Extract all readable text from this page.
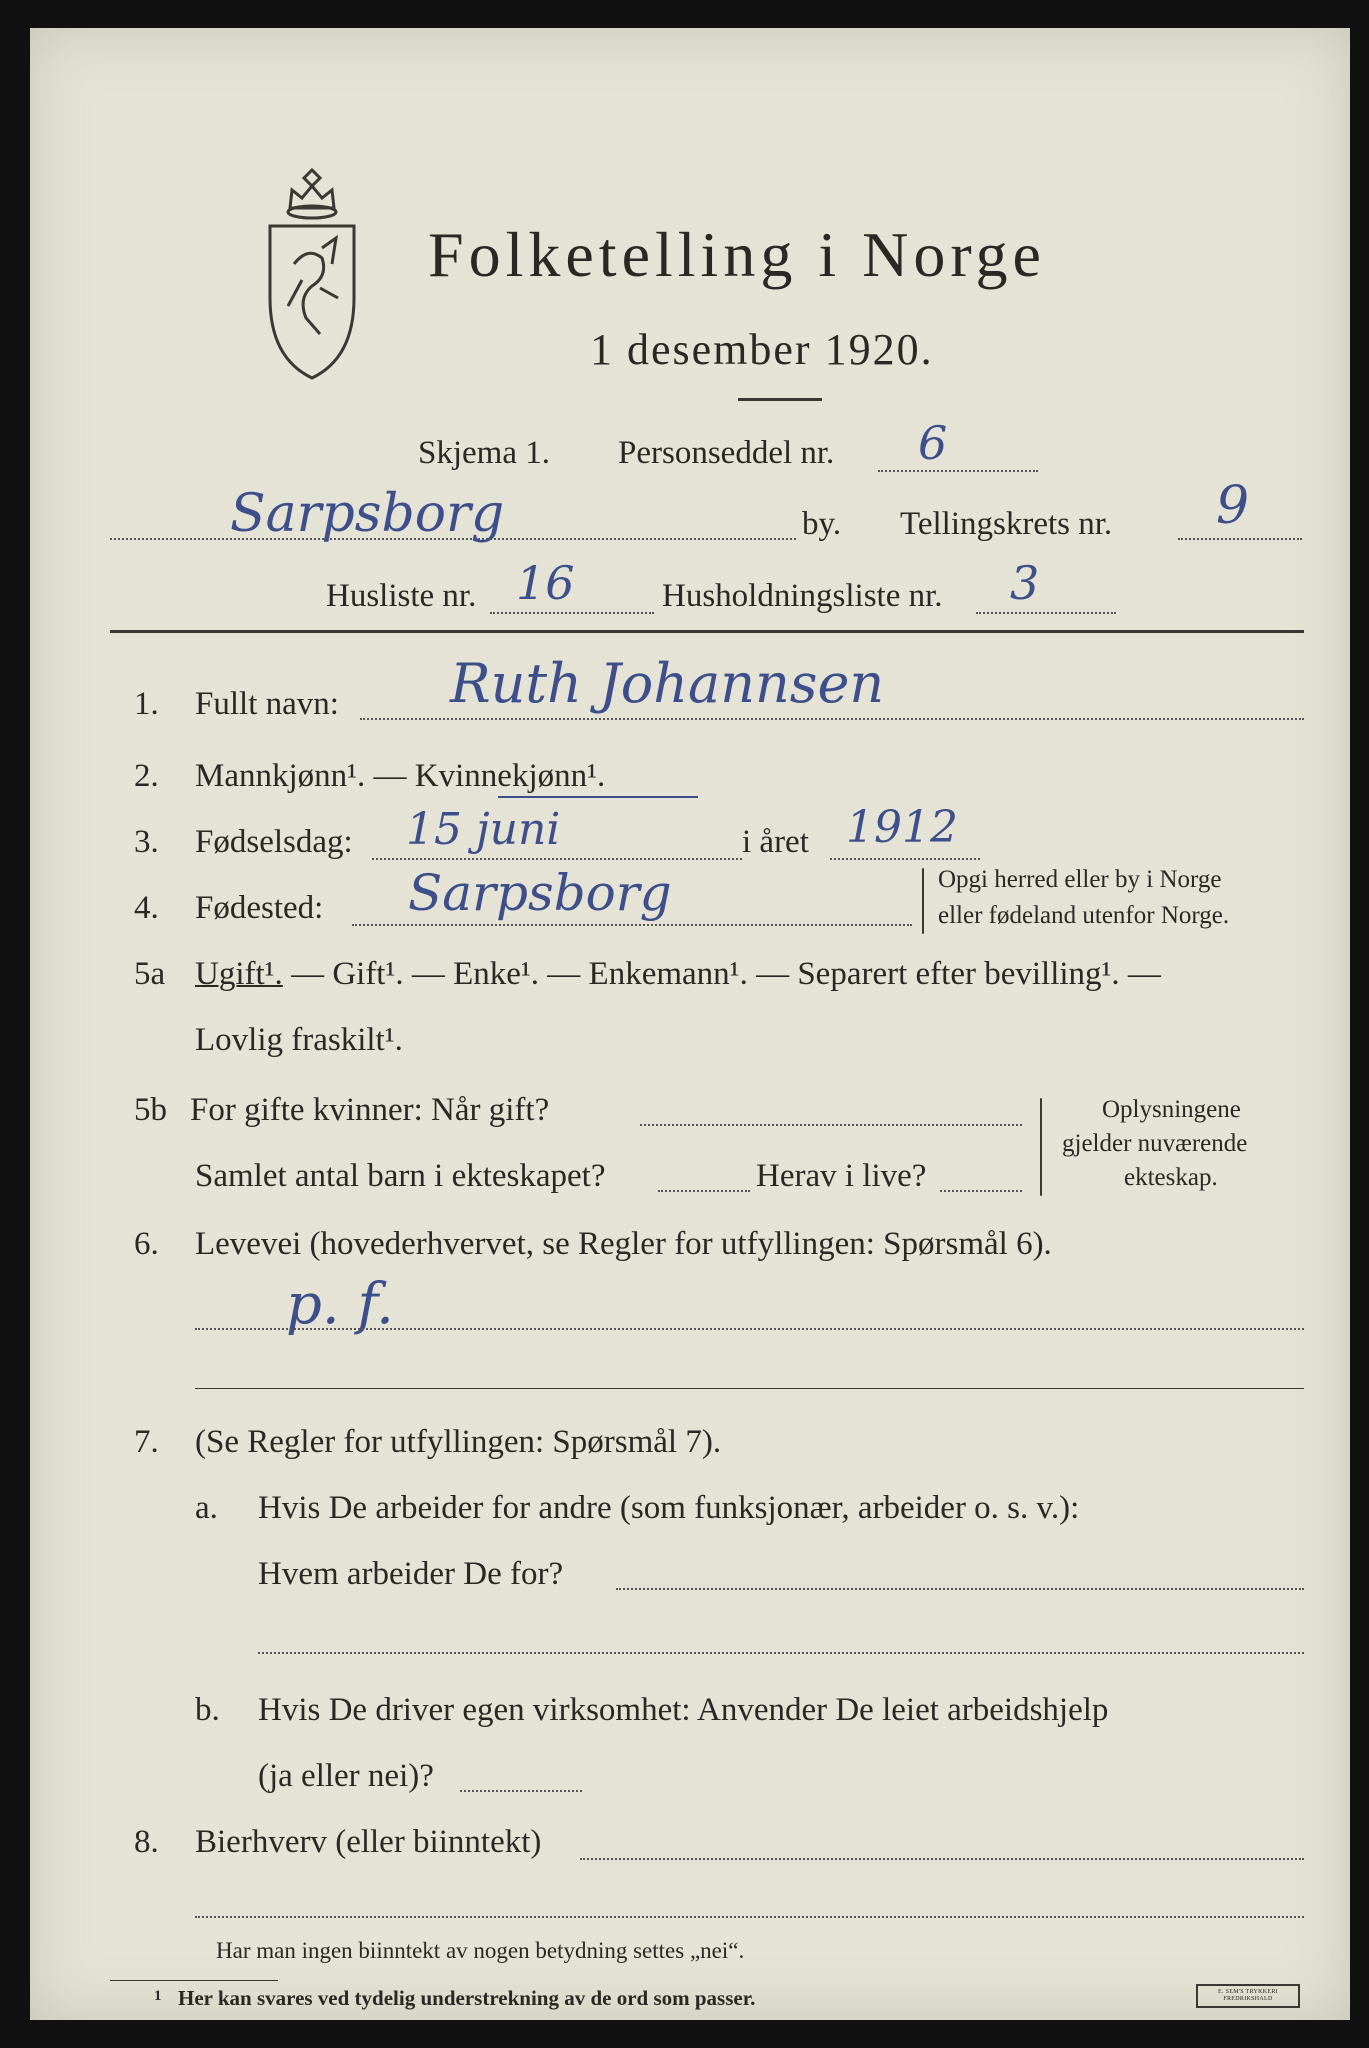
Folketelling i Norge
1 desember 1920.
Skjema 1. Personseddel nr. 6
Sarpsborg	by. Tellingskrets nr. 9
Husliste nr. 16	Husholdningsliste nr. 3
1. Fullt navn: Ruth Johannsen
2. Mannkjønn¹. — Kvinnekjønn¹.
3. Fødselsdag: 15 juni	i året 1912
4. Fødested: Sarpsborg	Opgi herred eller by i Norge
eller fødeland utenfor Norge.
5a Ugift¹. — Gift¹. — Enke¹. — Enkemann¹. — Separert efter bevilling¹. —
Lovlig fraskilt¹.
5b For gifte kvinner: Når gift?
Samlet antal barn i ekteskapet?	Herav i live?
Oplysningene
gjelder nuværende
ekteskap.
6. Levevei (hovederhvervet, se Regler for utfyllingen: Spørsmål 6).
p. f.
7. (Se Regler for utfyllingen: Spørsmål 7).
a. Hvis De arbeider for andre (som funksjonær, arbeider o. s. v.):
Hvem arbeider De for?
b. Hvis De driver egen virksomhet: Anvender De leiet arbeidshjelp
(ja eller nei)?
8. Bierhverv (eller biinntekt)
Har man ingen biinntekt av nogen betydning settes „nei“.
1 Her kan svares ved tydelig understrekning av de ord som passer.	E. SEM'S TRYKKERI FREDRIKSHALD
